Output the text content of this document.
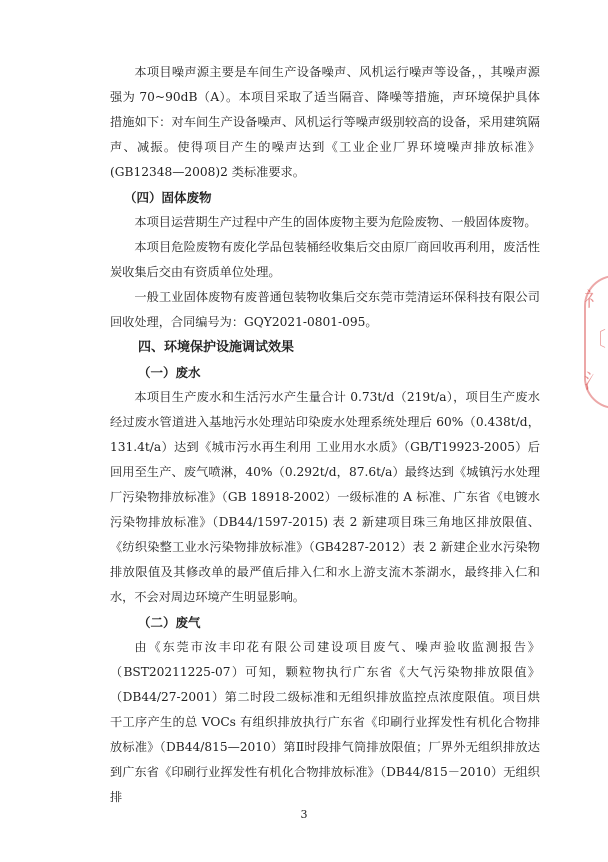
本项目噪声源主要是车间生产设备噪声、风机运行噪声等设备，，其噪声源强为 70~90dB（A）。本项目采取了适当隔音、降噪等措施，声环境保护具体措施如下：对车间生产设备噪声、风机运行等噪声级别较高的设备，采用建筑隔声、减振。使得项目产生的噪声达到《工业企业厂界环境噪声排放标准》(GB12348—2008)2 类标准要求。

（四）固体废物

本项目运营期生产过程中产生的固体废物主要为危险废物、一般固体废物。

本项目危险废物有废化学品包装桶经收集后交由原厂商回收再利用，废活性炭收集后交由有资质单位处理。

一般工业固体废物有废普通包装物收集后交东莞市莞清运环保科技有限公司回收处理，合同编号为：GQY2021-0801-095。

四、环境保护设施调试效果

（一）废水

本项目生产废水和生活污水产生量合计 0.73t/d（219t/a），项目生产废水经过废水管道进入基地污水处理站印染废水处理系统处理后 60%（0.438t/d，131.4t/a）达到《城市污水再生利用 工业用水水质》（GB/T19923-2005）后回用至生产、废气喷淋，40%（0.292t/d，87.6t/a）最终达到《城镇污水处理厂污染物排放标准》（GB 18918-2002）一级标准的 A 标准、广东省《电镀水污染物排放标准》（DB44/1597-2015) 表 2 新建项目珠三角地区排放限值、《纺织染整工业水污染物排放标准》（GB4287-2012）表 2 新建企业水污染物排放限值及其修改单的最严值后排入仁和水上游支流木茶湖水，最终排入仁和水，不会对周边环境产生明显影响。

（二）废气

由《东莞市汝丰印花有限公司建设项目废气、噪声验收监测报告》（BST20211225-07）可知，颗粒物执行广东省《大气污染物排放限值》（DB44/27-2001）第二时段二级标准和无组织排放监控点浓度限值。项目烘干工序产生的总 VOCs 有组织排放执行广东省《印刷行业挥发性有机化合物排放标准》（DB44/815—2010）第Ⅱ时段排气筒排放限值；厂界外无组织排放达到广东省《印刷行业挥发性有机化合物排放标准》（DB44/815－2010）无组织排

礻
〔
氵
3
